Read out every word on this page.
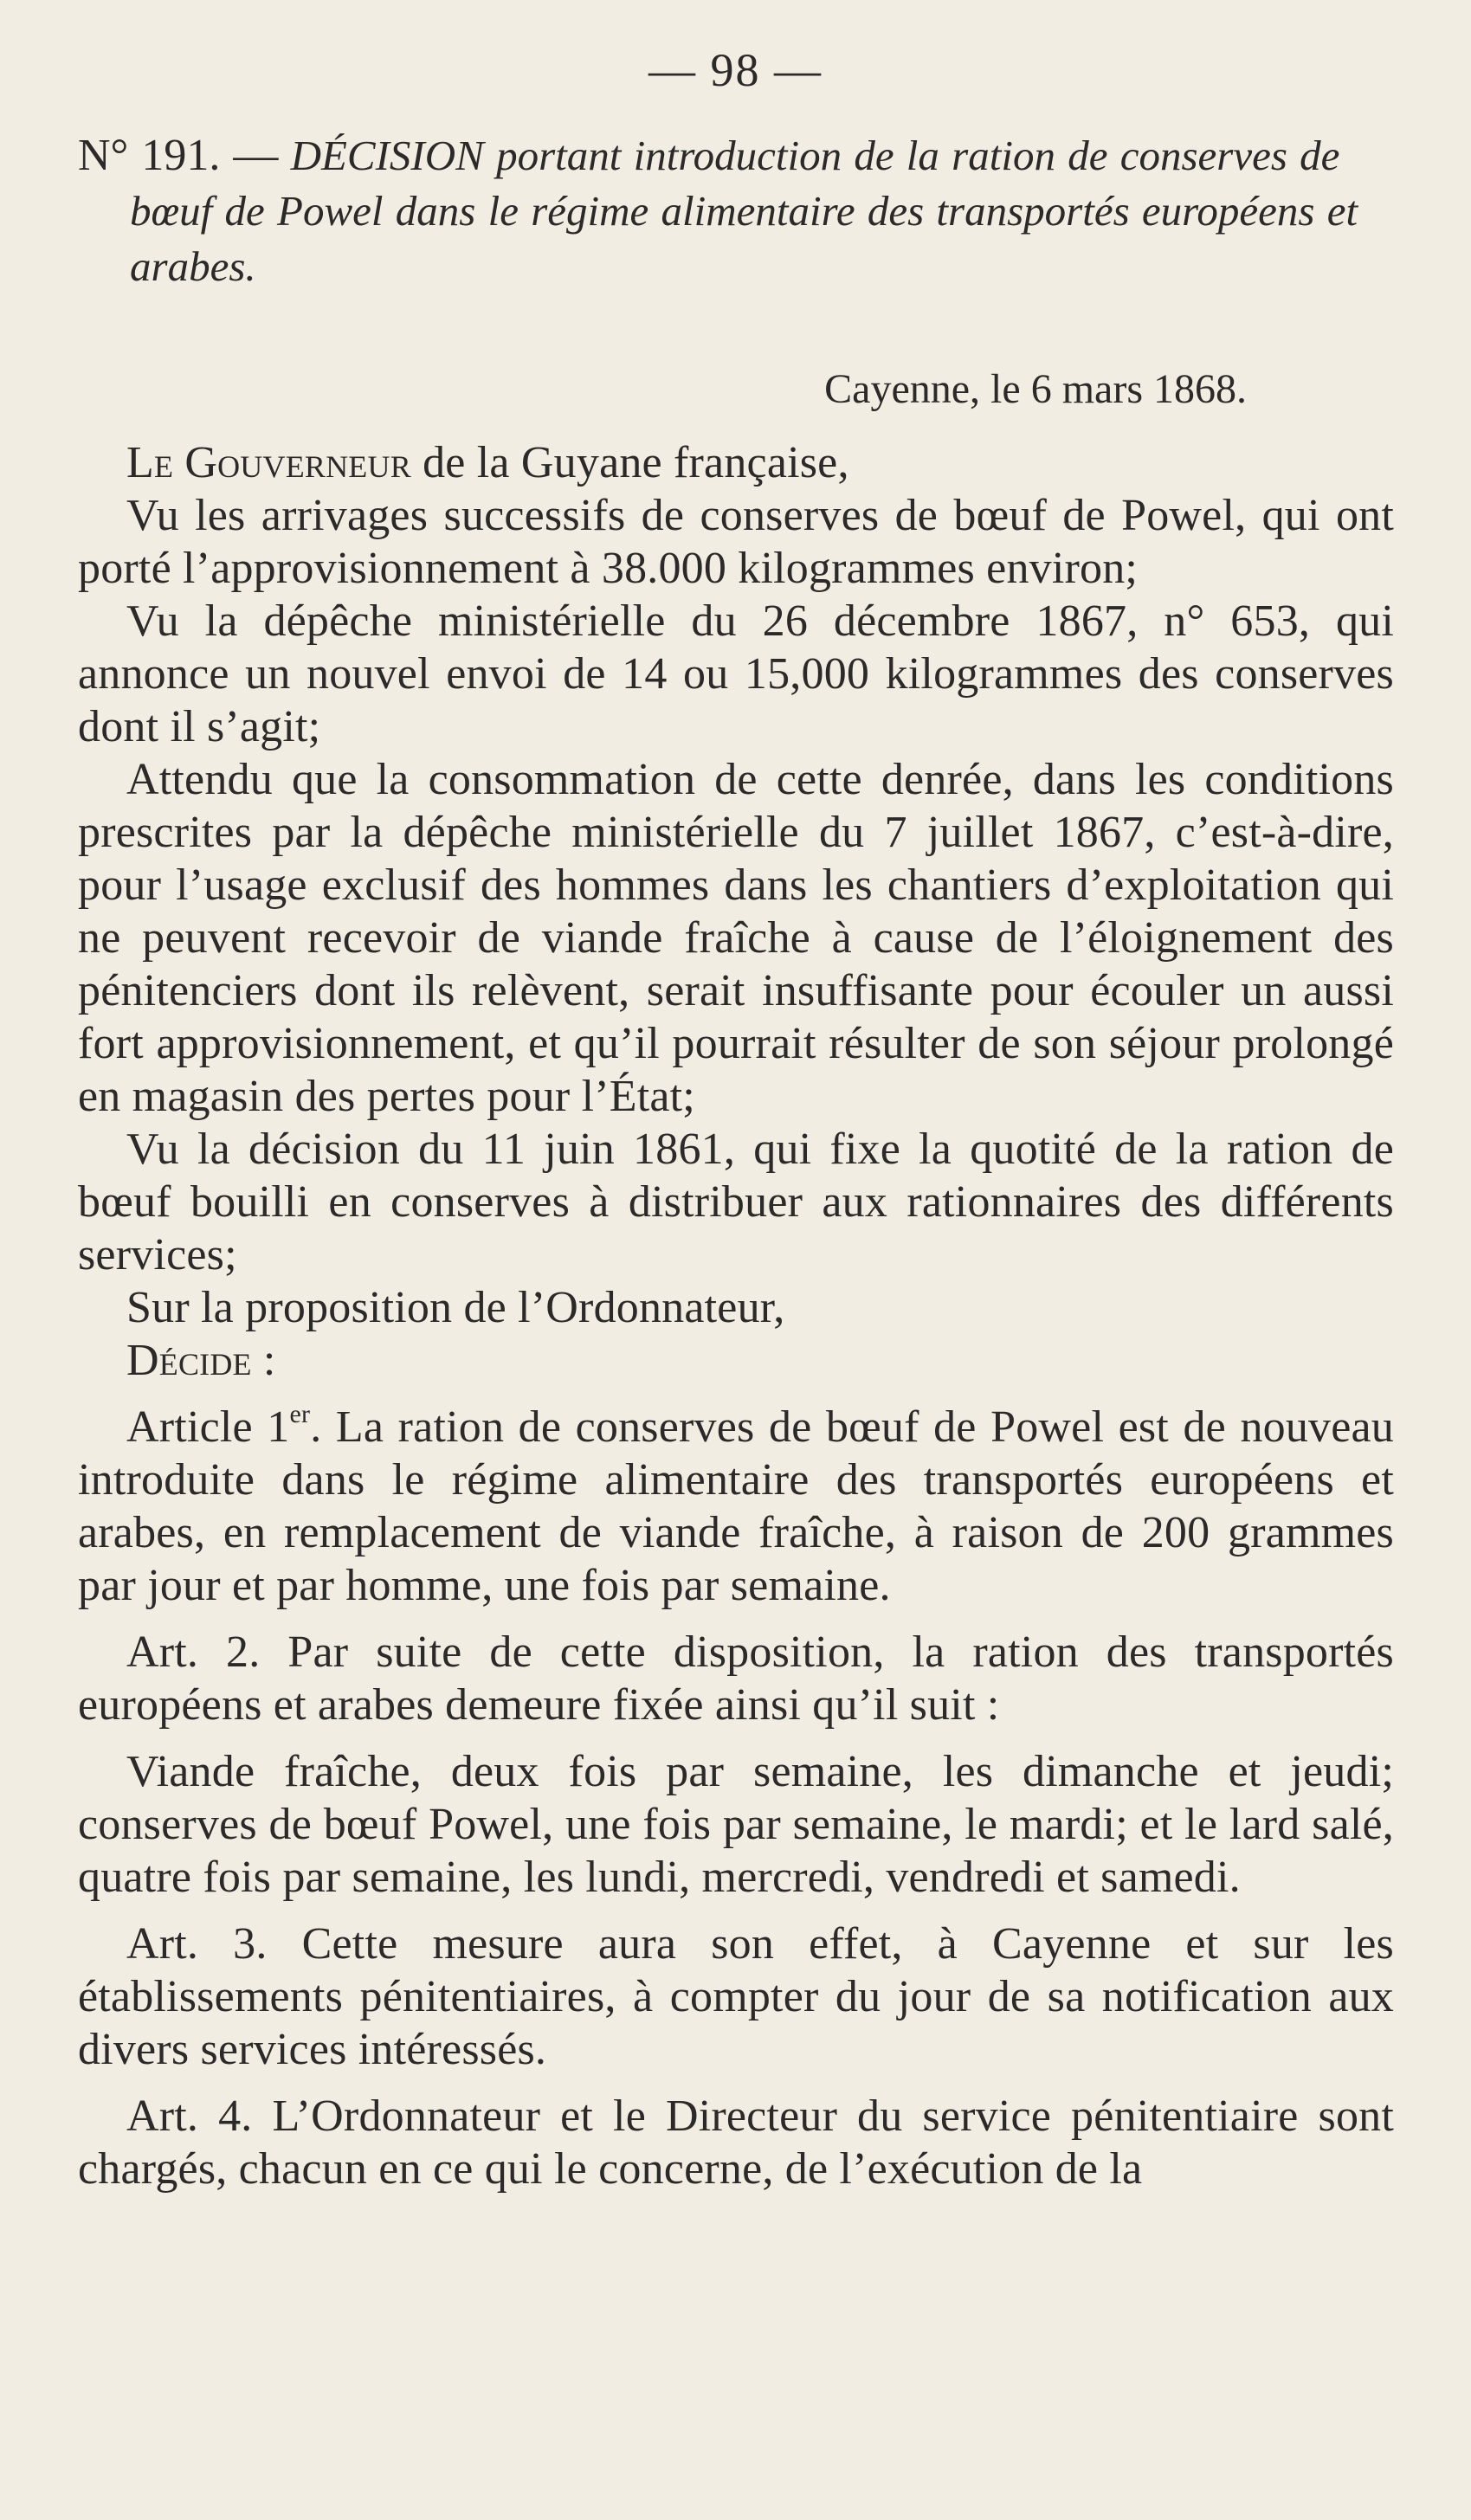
— 98 —

N° 191. — DÉCISION portant introduction de la ration de conserves de bœuf de Powel dans le régime alimentaire des transportés européens et arabes.

Cayenne, le 6 mars 1868.

Le Gouverneur de la Guyane française,

Vu les arrivages successifs de conserves de bœuf de Powel, qui ont porté l’approvisionnement à 38.000 kilogrammes environ;

Vu la dépêche ministérielle du 26 décembre 1867, n° 653, qui annonce un nouvel envoi de 14 ou 15,000 kilogrammes des conserves dont il s’agit;

Attendu que la consommation de cette denrée, dans les conditions prescrites par la dépêche ministérielle du 7 juillet 1867, c’est-à-dire, pour l’usage exclusif des hommes dans les chantiers d’exploitation qui ne peuvent recevoir de viande fraîche à cause de l’éloignement des pénitenciers dont ils relèvent, serait insuffisante pour écouler un aussi fort approvisionnement, et qu’il pourrait résulter de son séjour prolongé en magasin des pertes pour l’État;

Vu la décision du 11 juin 1861, qui fixe la quotité de la ration de bœuf bouilli en conserves à distribuer aux rationnaires des différents services;

Sur la proposition de l’Ordonnateur,

Décide :

Article 1er. La ration de conserves de bœuf de Powel est de nouveau introduite dans le régime alimentaire des transportés européens et arabes, en remplacement de viande fraîche, à raison de 200 grammes par jour et par homme, une fois par semaine.

Art. 2. Par suite de cette disposition, la ration des transportés européens et arabes demeure fixée ainsi qu’il suit :

Viande fraîche, deux fois par semaine, les dimanche et jeudi; conserves de bœuf Powel, une fois par semaine, le mardi; et le lard salé, quatre fois par semaine, les lundi, mercredi, vendredi et samedi.

Art. 3. Cette mesure aura son effet, à Cayenne et sur les établissements pénitentiaires, à compter du jour de sa notification aux divers services intéressés.

Art. 4. L’Ordonnateur et le Directeur du service pénitentiaire sont chargés, chacun en ce qui le concerne, de l’exécution de la
